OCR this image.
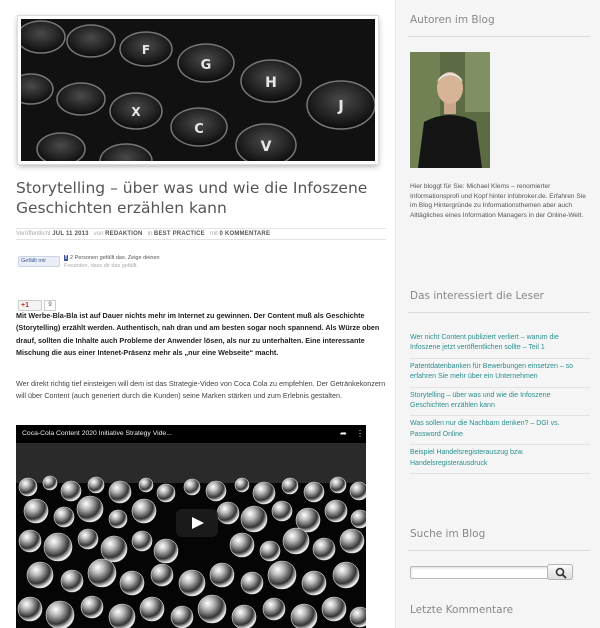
F
G
H
J
C
V
X
Storytelling – über was und wie die Infoszene Geschichten erzählen kann
Veröffentlicht JUL 11 2013 von REDAKTION in BEST PRACTICE mit 0 KOMMENTARE
Gefällt mir	f 2 Personen gefällt das. Zeige deinen
Freunden, dass dir das gefällt.
+1	9

Mit Werbe-Bla-Bla ist auf Dauer nichts mehr im Internet zu gewinnen. Der Content muß als Geschichte (Storytelling) erzählt werden. Authentisch, nah dran und am besten sogar noch spannend. Als Würze oben drauf, sollten die Inhalte auch Probleme der Anwender lösen, als nur zu unterhalten. Eine interessante Mischung die aus einer Intenet-Präsenz mehr als „nur eine Webseite“ macht.

Wer direkt richtig tief einsteigen will dem ist das Strategie-Video von Coca Cola zu empfehlen. Der Getränkekonzern will über Content (auch generiert durch die Kunden) seine Marken stärken und zum Erlebnis gestalten.

Coca-Cola Content 2020 Initiative Strategy Vide...	➦	⋮
Autoren im Blog

Hier bloggt für Sie: Michael Klems – renomierter Informationsprofi und Kopf hinter infobroker.de. Erfahren Sie im Blog Hintergründe zu Informationsthemen aber auch Alltägliches eines Information Managers in der Online-Welt.

Das interessiert die Leser
Wer nicht Content publiziert verliert – warum die Infoszene jetzt veröffentlichen sollte – Teil 1
Patentdatenbanken für Bewerbungen einsetzen – so erfahren Sie mehr über ein Unternehmen
Storytelling – über was und wie die Infoszene Geschichten erzählen kann
Was sollen nur die Nachbarn denken? – DGI vs. Password Online
Beispiel Handelsregisterauszug bzw. Handelsregisterausdruck
Suche im Blog
Letzte Kommentare
